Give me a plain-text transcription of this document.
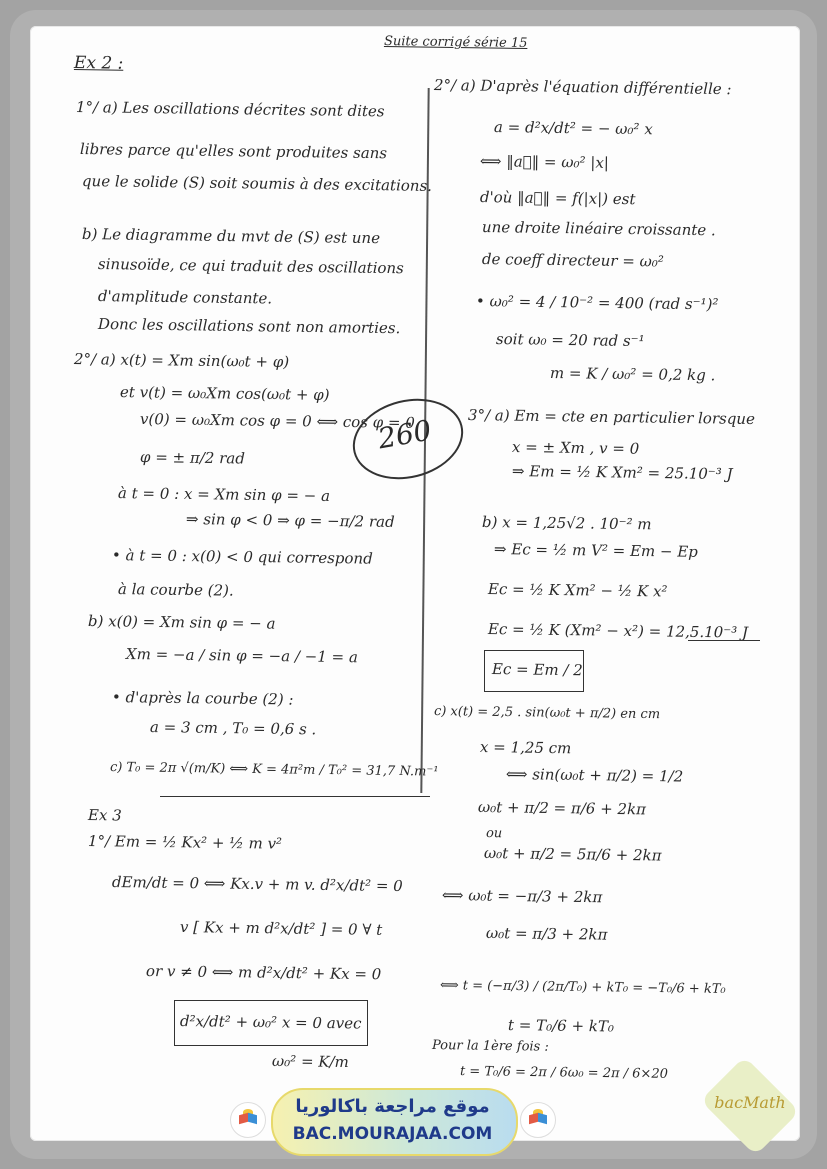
Ex 2 :
Suite corrigé série 15
1°/ a) Les oscillations décrites sont dites
libres parce qu'elles sont produites sans
que le solide (S) soit soumis à des excitations.
b) Le diagramme du mvt de (S) est une
sinusoïde, ce qui traduit des oscillations
d'amplitude constante.
Donc les oscillations sont non amorties.
2°/ a) x(t) = Xm sin(ω₀t + φ)
et v(t) = ω₀Xm cos(ω₀t + φ)
v(0) = ω₀Xm cos φ = 0 ⟺ cos φ = 0
φ = ± π/2 rad
à t = 0 : x = Xm sin φ = − a
⇒ sin φ < 0 ⇒ φ = −π/2 rad
• à t = 0 : x(0) < 0 qui correspond
à la courbe (2).
b) x(0) = Xm sin φ = − a
Xm = −a / sin φ = −a / −1 = a
• d'après la courbe (2) :
a = 3 cm , T₀ = 0,6 s .
c) T₀ = 2π √(m/K) ⟺ K = 4π²m / T₀² = 31,7 N.m⁻¹
Ex 3
1°/ Em = ½ Kx² + ½ m v²
dEm/dt = 0 ⟺ Kx.v + m v. d²x/dt² = 0
v [ Kx + m d²x/dt² ] = 0 ∀ t
or v ≠ 0 ⟺ m d²x/dt² + Kx = 0
d²x/dt² + ω₀² x = 0 avec
ω₀² = K/m
260
2°/ a) D'après l'équation différentielle :
a = d²x/dt² = − ω₀² x
⟺ ‖a⃗‖ = ω₀² |x|
d'où ‖a⃗‖ = f(|x|) est
une droite linéaire croissante .
de coeff directeur = ω₀²
• ω₀² = 4 / 10⁻² = 400 (rad s⁻¹)²
soit ω₀ = 20 rad s⁻¹
m = K / ω₀² = 0,2 kg .
3°/ a) Em = cte en particulier lorsque
x = ± Xm , v = 0
⇒ Em = ½ K Xm² = 25.10⁻³ J
b) x = 1,25√2 . 10⁻² m
⇒ Ec = ½ m V² = Em − Ep
Ec = ½ K Xm² − ½ K x²
Ec = ½ K (Xm² − x²) = 12,5.10⁻³ J
Ec = Em / 2
c) x(t) = 2,5 . sin(ω₀t + π/2) en cm
x = 1,25 cm
⟺ sin(ω₀t + π/2) = 1/2
ω₀t + π/2 = π/6 + 2kπ
ou
ω₀t + π/2 = 5π/6 + 2kπ
⟺ ω₀t = −π/3 + 2kπ
ω₀t = π/3 + 2kπ
⟺ t = (−π/3) / (2π/T₀) + kT₀ = −T₀/6 + kT₀
t = T₀/6 + kT₀
Pour la 1ère fois :
t = T₀/6 = 2π / 6ω₀ = 2π / 6×20
موقع مراجعة باكالوريا
BAC.MOURAJAA.COM
bacMath
